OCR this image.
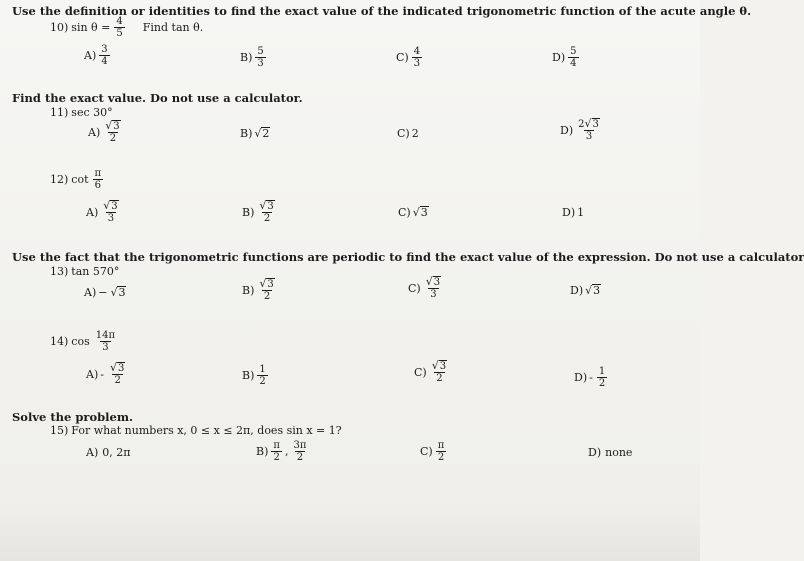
Use the definition or identities to find the exact value of the indicated trigonometric function of the acute angle θ.
10) $\sin \theta = \frac{4}{5}$ Find tan θ.
$A) \frac{3}{4}$	$B) \frac{5}{3}$	$C) \frac{4}{3}$	$D) \frac{5}{4}$
Find the exact value. Do not use a calculator.
11) sec 30°
$A) \frac{√ 3}{2}$	B) √ 2	C) 2	$D) \frac{2 √ 3}{3}$
12) $\cot \frac{\pi}{6}$
$A) \frac{√ 3}{3}$	$B) \frac{√ 3}{2}$	C) √ 3	D) 1
Use the fact that the trigonometric functions are periodic to find the exact value of the expression. Do not use a calculator
13) tan 570°
A) − √ 3	$B) \frac{√ 3}{2}$	$C) \frac{√ 3}{3}$	D) √ 3
14) $\cos \frac{14\pi}{3}$
$A) - \frac{√ 3}{2}$	$B) \frac{1}{2}$	$C) \frac{√ 3}{2}$	$D) - \frac{1}{2}$
Solve the problem.
15) For what numbers x, 0 ≤ x ≤ 2π, does sin x = 1?
A) 0, 2π	$B) \frac{\pi}{2}$ , $\frac{3\pi}{2}$	$C) \frac{\pi}{2}$	D) none
